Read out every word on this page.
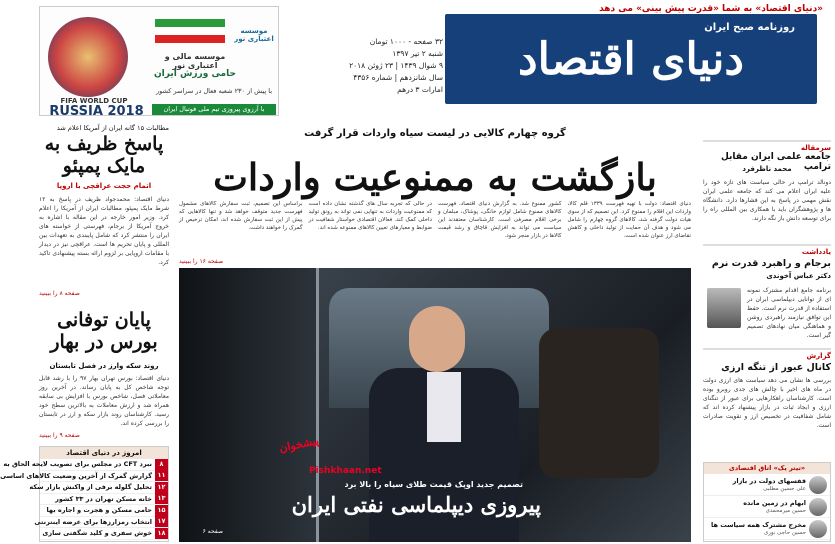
«دنیای اقتصاد» به شما «قدرت پیش بینی» می دهد
دنیای اقتصاد
روزنامه صبح ایران
۳۲ صفحه - ۱۰۰۰ تومان
شنبه ۲ تیر ۱۳۹۷
۹ شوال ۱۴۳۹ | ۲۳ ژوئن ۲۰۱۸
سال شانزدهم | شماره ۴۳۵۶
امارات ۳ درهم
FIFA WORLD CUP
RUSSIA 2018
موسسه مالی و اعتباری نور
حامی ورزش ایران
موسسه اعتباری نور
با پیش از ۲۳۰ شعبه فعال در سراسر کشور
با آرزوی پیروزی تیم ملی فوتبال ایران
مطالبات ۱۵ گانه ایران از آمریکا اعلام شد
پاسخ ظریف به مایک پمپئو
اتمام حجت عراقچی با اروپا
دنیای اقتصاد: محمدجواد ظریف در پاسخ به ۱۲ شرط مایک پمپئو، مطالبات ایران از آمریکا را اعلام کرد. وزیر امور خارجه در این مقاله با اشاره به خروج آمریکا از برجام، فهرستی از خواسته های ایران را منتشر کرد که شامل پایبندی به تعهدات بین المللی و پایان تحریم ها است. عراقچی نیز در دیدار با مقامات اروپایی بر لزوم ارائه بسته پیشنهادی تاکید کرد.
صفحه ۸ را ببینید
پایان توفانی بورس در بهار
روند سکه وارز در فصل تابستان
دنیای اقتصاد: بورس تهران بهار ۹۷ را با رشد قابل توجه شاخص کل به پایان رساند. در آخرین روز معاملاتی فصل، شاخص بورس با افزایش بی سابقه همراه شد و ارزش معاملات به بالاترین سطح خود رسید. کارشناسان روند بازار سکه و ارز در تابستان را بررسی کرده اند.
صفحه ۹ را ببینید
امروز در دنیای اقتصاد
۸
نبرد CFT در مجلس برای تصویب لایحه الحاق به
۱۱
گزارش گمرک از آخرین وضعیت کالاهای اساسی
۱۲
تحلیل گلوله برفی از واکنش بازار سکه
۱۳
خانه مسکن تهران در ۳۳ کشور
۱۵
حامی مسکن و هجرت و اجاره بها
۱۷
انتخاب رمزارزها برای عرضه اینترنتی
۱۸
خوش سفری و کلید شگفتی سازی
گروه چهارم کالایی در لیست سیاه واردات قرار گرفت
بازگشت به ممنوعیت واردات
دنیای اقتصاد: دولت با تهیه فهرست ۱۳۳۹ قلم کالا، واردات این اقلام را ممنوع کرد. این تصمیم که از سوی هیات دولت گرفته شد، کالاهای گروه چهارم را شامل می شود و هدف آن حمایت از تولید داخلی و کاهش تقاضای ارز عنوان شده است.
کشور ممنوع شد. به گزارش دنیای اقتصاد، فهرست کالاهای ممنوع شامل لوازم خانگی، پوشاک، مبلمان و برخی اقلام مصرفی است. کارشناسان معتقدند این سیاست می تواند به افزایش قاچاق و رشد قیمت کالاها در بازار منجر شود.
در حالی که تجربه سال های گذشته نشان داده است که ممنوعیت واردات به تنهایی نمی تواند به رونق تولید داخلی کمک کند. فعالان اقتصادی خواستار شفافیت در ضوابط و معیارهای تعیین کالاهای ممنوعه شده اند.
براساس این تصمیم، ثبت سفارش کالاهای مشمول فهرست جدید متوقف خواهد شد و تنها کالاهایی که پیش از این ثبت سفارش شده اند، امکان ترخیص از گمرک را خواهند داشت.
صفحه ۱۶ را ببینید
پیشخوان
Pishkhaan.net
تصمیم جدید اوپک قیمت طلای سیاه را بالا برد
پیروزی دیپلماسی نفتی ایران
صفحه ۶
سرمقاله
جامعه علمی ایران مقابل ترامپ
محمد ناظرفرد
دونالد ترامپ در حالی سیاست های تازه خود را علیه ایران اعلام می کند که جامعه علمی ایران نقش مهمی در پاسخ به این فشارها دارد. دانشگاه ها و پژوهشگران باید با همکاری بین المللی راه را برای توسعه دانش باز نگه دارند.
یادداشت
برجام و راهبرد قدرت نرم
دکتر عباس آخوندی
برنامه جامع اقدام مشترک نمونه ای از توانایی دیپلماسی ایران در استفاده از قدرت نرم است. حفظ این توافق نیازمند راهبردی روشن و هماهنگی میان نهادهای تصمیم گیر است.
گزارش
کانال عبور از تنگه ارزی
بررسی ها نشان می دهد سیاست های ارزی دولت در ماه های اخیر با چالش های جدی روبرو بوده است. کارشناسان راهکارهایی برای عبور از تنگنای ارزی و ایجاد ثبات در بازار پیشنهاد کرده اند که شامل شفافیت در تخصیص ارز و تقویت صادرات است.
«تیتر یک» اتاق اقتصادی
قفسهای دولت در بازار
علی حسین مطلبی
ابهام در زمین مانده
حسین میرمحمدی
مخرج مشترک همه سیاست ها
حسین حاجی نوری
